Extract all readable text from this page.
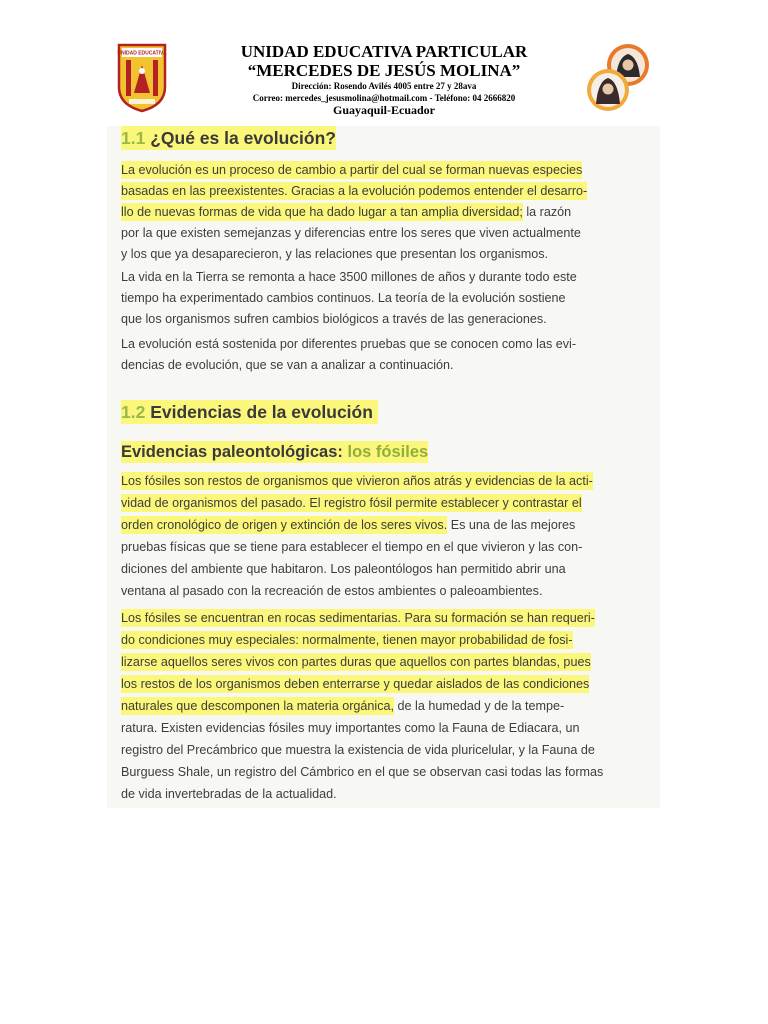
UNIDAD EDUCATIVA	UNIDAD EDUCATIVA PARTICULAR
“MERCEDES DE JESÚS MOLINA”
Dirección: Rosendo Avilés 4005 entre 27 y 28ava
Correo: mercedes_jesusmolina@hotmail.com - Teléfono: 04 2666820
Guayaquil-Ecuador
1.1 ¿Qué es la evolución?
La evolución es un proceso de cambio a partir del cual se forman nuevas especies
basadas en las preexistentes. Gracias a la evolución podemos entender el desarro-
llo de nuevas formas de vida que ha dado lugar a tan amplia diversidad; la razón
por la que existen semejanzas y diferencias entre los seres que viven actualmente
y los que ya desaparecieron, y las relaciones que presentan los organismos.
La vida en la Tierra se remonta a hace 3500 millones de años y durante todo este
tiempo ha experimentado cambios continuos. La teoría de la evolución sostiene
que los organismos sufren cambios biológicos a través de las generaciones.
La evolución está sostenida por diferentes pruebas que se conocen como las evi-
dencias de evolución, que se van a analizar a continuación.
1.2 Evidencias de la evolución
Evidencias paleontológicas: los fósiles
Los fósiles son restos de organismos que vivieron años atrás y evidencias de la acti-
vidad de organismos del pasado. El registro fósil permite establecer y contrastar el
orden cronológico de origen y extinción de los seres vivos. Es una de las mejores
pruebas físicas que se tiene para establecer el tiempo en el que vivieron y las con-
diciones del ambiente que habitaron. Los paleontólogos han permitido abrir una
ventana al pasado con la recreación de estos ambientes o paleoambientes.
Los fósiles se encuentran en rocas sedimentarias. Para su formación se han requeri-
do condiciones muy especiales: normalmente, tienen mayor probabilidad de fosi-
lizarse aquellos seres vivos con partes duras que aquellos con partes blandas, pues
los restos de los organismos deben enterrarse y quedar aislados de las condiciones
naturales que descomponen la materia orgánica, de la humedad y de la tempe-
ratura. Existen evidencias fósiles muy importantes como la Fauna de Ediacara, un
registro del Precámbrico que muestra la existencia de vida pluricelular, y la Fauna de
Burguess Shale, un registro del Cámbrico en el que se observan casi todas las formas
de vida invertebradas de la actualidad.
